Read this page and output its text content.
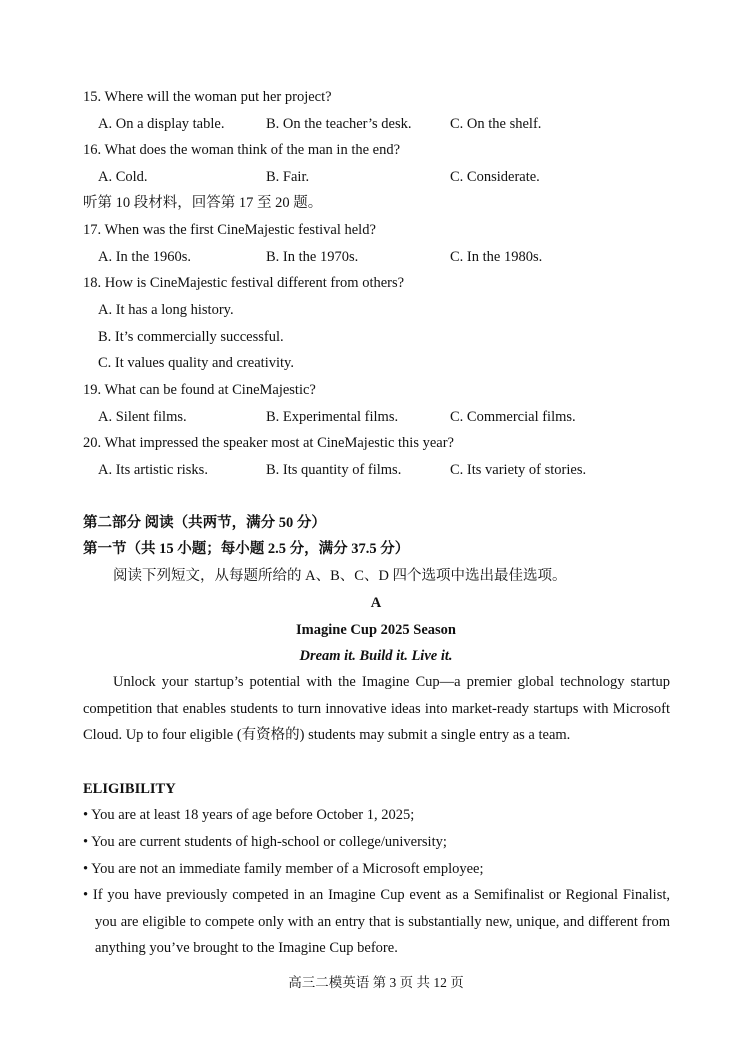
15. Where will the woman put her project?
A. On a display table.	B. On the teacher’s desk.	C. On the shelf.
16. What does the woman think of the man in the end?
A. Cold.	B. Fair.	C. Considerate.
听第 10 段材料，回答第 17 至 20 题。
17. When was the first CineMajestic festival held?
A. In the 1960s.	B. In the 1970s.	C. In the 1980s.
18. How is CineMajestic festival different from others?
A. It has a long history.
B. It’s commercially successful.
C. It values quality and creativity.
19. What can be found at CineMajestic?
A. Silent films.	B. Experimental films.	C. Commercial films.
20. What impressed the speaker most at CineMajestic this year?
A. Its artistic risks.	B. Its quantity of films.	C. Its variety of stories.
第二部分 阅读（共两节，满分 50 分）
第一节（共 15 小题；每小题 2.5 分，满分 37.5 分）
阅读下列短文，从每题所给的 A、B、C、D 四个选项中选出最佳选项。
A
Imagine Cup 2025 Season
Dream it. Build it. Live it.
Unlock your startup’s potential with the Imagine Cup—a premier global technology startup competition that enables students to turn innovative ideas into market-ready startups with Microsoft Cloud. Up to four eligible (有资格的) students may submit a single entry as a team.
ELIGIBILITY
• You are at least 18 years of age before October 1, 2025;
• You are current students of high-school or college/university;
• You are not an immediate family member of a Microsoft employee;
• If you have previously competed in an Imagine Cup event as a Semifinalist or Regional Finalist, you are eligible to compete only with an entry that is substantially new, unique, and different from anything you’ve brought to the Imagine Cup before.
高三二模英语 第 3 页 共 12 页
